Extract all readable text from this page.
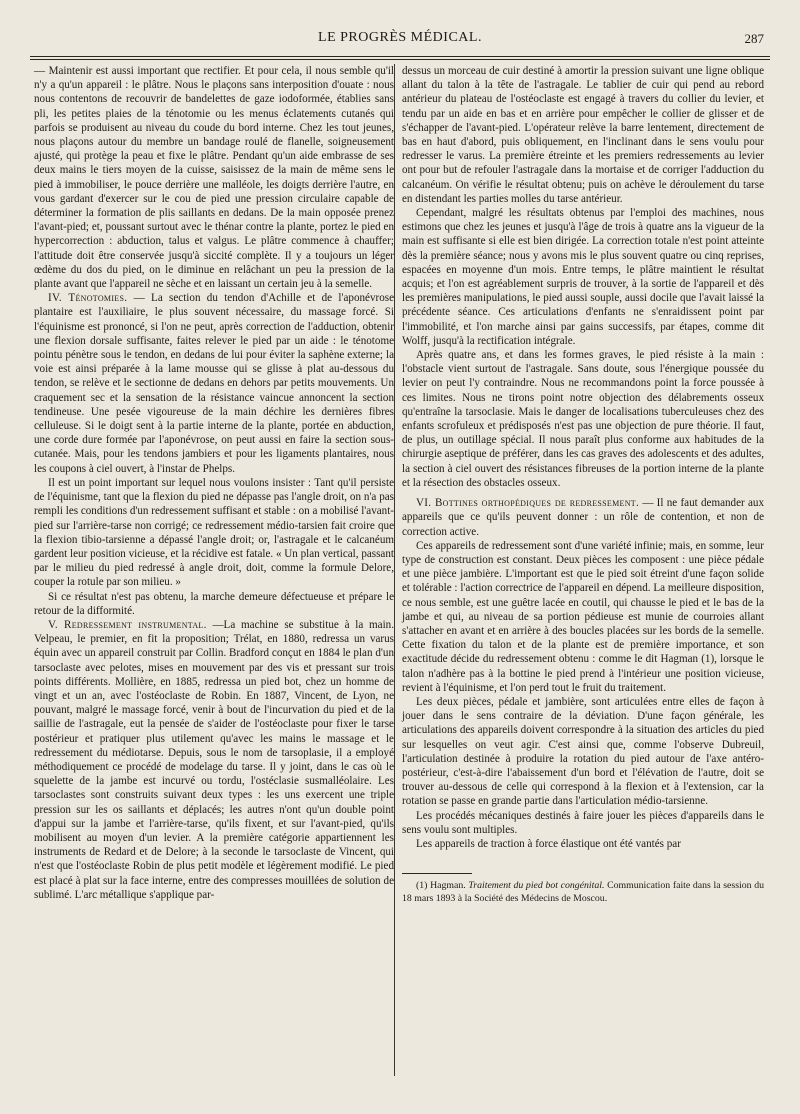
LE PROGRÈS MÉDICAL.	287

— Maintenir est aussi important que rectifier. Et pour cela, il nous semble qu'il n'y a qu'un appareil : le plâtre. Nous le plaçons sans interposition d'ouate : nous nous contentons de recouvrir de bandelettes de gaze iodoformée, établies sans pli, les petites plaies de la ténotomie ou les menus éclatements cutanés qui parfois se produisent au niveau du coude du bord interne. Chez les tout jeunes, nous plaçons autour du membre un bandage roulé de flanelle, soigneusement ajusté, qui protège la peau et fixe le plâtre. Pendant qu'un aide embrasse de ses deux mains le tiers moyen de la cuisse, saisissez de la main de même sens le pied à immobiliser, le pouce derrière une malléole, les doigts derrière l'autre, en vous gardant d'exercer sur le cou de pied une pression circulaire capable de déterminer la formation de plis saillants en dedans. De la main opposée prenez l'avant-pied; et, poussant surtout avec le thénar contre la plante, portez le pied en hypercorrection : abduction, talus et valgus. Le plâtre commence à chauffer; l'attitude doit être conservée jusqu'à siccité complète. Il y a toujours un léger œdème du dos du pied, on le diminue en relâchant un peu la pression de la plante avant que l'appareil ne sèche et en laissant un certain jeu à la semelle.

IV. Ténotomies. — La section du tendon d'Achille et de l'aponévrose plantaire est l'auxiliaire, le plus souvent nécessaire, du massage forcé. Si l'équinisme est prononcé, si l'on ne peut, après correction de l'adduction, obtenir une flexion dorsale suffisante, faites relever le pied par un aide : le ténotome pointu pénètre sous le tendon, en dedans de lui pour éviter la saphène externe; la voie est ainsi préparée à la lame mousse qui se glisse à plat au-dessous du tendon, se relève et le sectionne de dedans en dehors par petits mouvements. Un craquement sec et la sensation de la résistance vaincue annoncent la section tendineuse. Une pesée vigoureuse de la main déchire les dernières fibres celluleuse. Si le doigt sent à la partie interne de la plante, portée en abduction, une corde dure formée par l'aponévrose, on peut aussi en faire la section sous-cutanée. Mais, pour les tendons jambiers et pour les ligaments plantaires, nous les coupons à ciel ouvert, à l'instar de Phelps.

Il est un point important sur lequel nous voulons insister : Tant qu'il persiste de l'équinisme, tant que la flexion du pied ne dépasse pas l'angle droit, on n'a pas rempli les conditions d'un redressement suffisant et stable : on a mobilisé l'avant-pied sur l'arrière-tarse non corrigé; ce redressement médio-tarsien fait croire que la flexion tibio-tarsienne a dépassé l'angle droit; or, l'astragale et le calcanéum gardent leur position vicieuse, et la récidive est fatale. « Un plan vertical, passant par le milieu du pied redressé à angle droit, doit, comme la formule Delore, couper la rotule par son milieu. »

Si ce résultat n'est pas obtenu, la marche demeure défectueuse et prépare le retour de la difformité.

V. Redressement instrumental. —La machine se substitue à la main. Velpeau, le premier, en fit la proposition; Trélat, en 1880, redressa un varus équin avec un appareil construit par Collin. Bradford conçut en 1884 le plan d'un tarsoclaste avec pelotes, mises en mouvement par des vis et pressant sur trois points différents. Mollière, en 1885, redressa un pied bot, chez un homme de vingt et un an, avec l'ostéoclaste de Robin. En 1887, Vincent, de Lyon, ne pouvant, malgré le massage forcé, venir à bout de l'incurvation du pied et de la saillie de l'astragale, eut la pensée de s'aider de l'ostéoclaste pour fixer le tarse postérieur et pratiquer plus utilement qu'avec les mains le massage et le redressement du médiotarse. Depuis, sous le nom de tarsoplasie, il a employé méthodiquement ce procédé de modelage du tarse. Il y joint, dans le cas où le squelette de la jambe est incurvé ou tordu, l'ostéclasie susmalléolaire. Les tarsoclastes sont construits suivant deux types : les uns exercent une triple pression sur les os saillants et déplacés; les autres n'ont qu'un double point d'appui sur la jambe et l'arrière-tarse, qu'ils fixent, et sur l'avant-pied, qu'ils mobilisent au moyen d'un levier. A la première catégorie appartiennent les instruments de Redard et de Delore; à la seconde le tarsoclaste de Vincent, qui n'est que l'ostéoclaste Robin de plus petit modèle et légèrement modifié. Le pied est placé à plat sur la face interne, entre des compresses mouillées de solution de sublimé. L'arc métallique s'applique par-

dessus un morceau de cuir destiné à amortir la pression suivant une ligne oblique allant du talon à la tête de l'astragale. Le tablier de cuir qui pend au rebord antérieur du plateau de l'ostéoclaste est engagé à travers du collier du levier, et tendu par un aide en bas et en arrière pour empêcher le collier de glisser et de s'échapper de l'avant-pied. L'opérateur relève la barre lentement, directement de bas en haut d'abord, puis obliquement, en l'inclinant dans le sens voulu pour redresser le varus. La première étreinte et les premiers redressements au levier ont pour but de refouler l'astragale dans la mortaise et de corriger l'adduction du calcanéum. On vérifie le résultat obtenu; puis on achève le déroulement du tarse en distendant les parties molles du tarse antérieur.

Cependant, malgré les résultats obtenus par l'emploi des machines, nous estimons que chez les jeunes et jusqu'à l'âge de trois à quatre ans la vigueur de la main est suffisante si elle est bien dirigée. La correction totale n'est point atteinte dès la première séance; nous y avons mis le plus souvent quatre ou cinq reprises, espacées en moyenne d'un mois. Entre temps, le plâtre maintient le résultat acquis; et l'on est agréablement surpris de trouver, à la sortie de l'appareil et dès les premières manipulations, le pied aussi souple, aussi docile que l'avait laissé la précédente séance. Ces articulations d'enfants ne s'enraidissent point par l'immobilité, et l'on marche ainsi par gains successifs, par étapes, comme dit Wolff, jusqu'à la rectification intégrale.

Après quatre ans, et dans les formes graves, le pied résiste à la main : l'obstacle vient surtout de l'astragale. Sans doute, sous l'énergique poussée du levier on peut l'y contraindre. Nous ne recommandons point la force poussée à ces limites. Nous ne tirons point notre objection des délabrements osseux qu'entraîne la tarsoclasie. Mais le danger de localisations tuberculeuses chez des enfants scrofuleux et prédisposés n'est pas une objection de pure théorie. Il faut, de plus, un outillage spécial. Il nous paraît plus conforme aux habitudes de la chirurgie aseptique de préférer, dans les cas graves des adolescents et des adultes, la section à ciel ouvert des résistances fibreuses de la portion interne de la plante et la résection des obstacles osseux.

VI. Bottines orthopédiques de redressement. — Il ne faut demander aux appareils que ce qu'ils peuvent donner : un rôle de contention, et non de correction active.

Ces appareils de redressement sont d'une variété infinie; mais, en somme, leur type de construction est constant. Deux pièces les composent : une pièce pédale et une pièce jambière. L'important est que le pied soit étreint d'une façon solide et tolérable : l'action correctrice de l'appareil en dépend. La meilleure disposition, ce nous semble, est une guêtre lacée en coutil, qui chausse le pied et le bas de la jambe et qui, au niveau de sa portion pédieuse est munie de courroies allant s'attacher en avant et en arrière à des boucles placées sur les bords de la semelle. Cette fixation du talon et de la plante est de première importance, et son exactitude décide du redressement obtenu : comme le dit Hagman (1), lorsque le talon n'adhère pas à la bottine le pied prend à l'intérieur une position vicieuse, revient à l'équinisme, et l'on perd tout le fruit du traitement.

Les deux pièces, pédale et jambière, sont articulées entre elles de façon à jouer dans le sens contraire de la déviation. D'une façon générale, les articulations des appareils doivent correspondre à la situation des articles du pied sur lesquelles on veut agir. C'est ainsi que, comme l'observe Dubreuil, l'articulation destinée à produire la rotation du pied autour de l'axe antéro-postérieur, c'est-à-dire l'abaissement d'un bord et l'élévation de l'autre, doit se trouver au-dessous de celle qui correspond à la flexion et à l'extension, car la rotation se passe en grande partie dans l'articulation médio-tarsienne.

Les procédés mécaniques destinés à faire jouer les pièces d'appareils dans le sens voulu sont multiples.

Les appareils de traction à force élastique ont été vantés par

(1) Hagman. Traitement du pied bot congénital. Communication faite dans la session du 18 mars 1893 à la Société des Médecins de Moscou.
